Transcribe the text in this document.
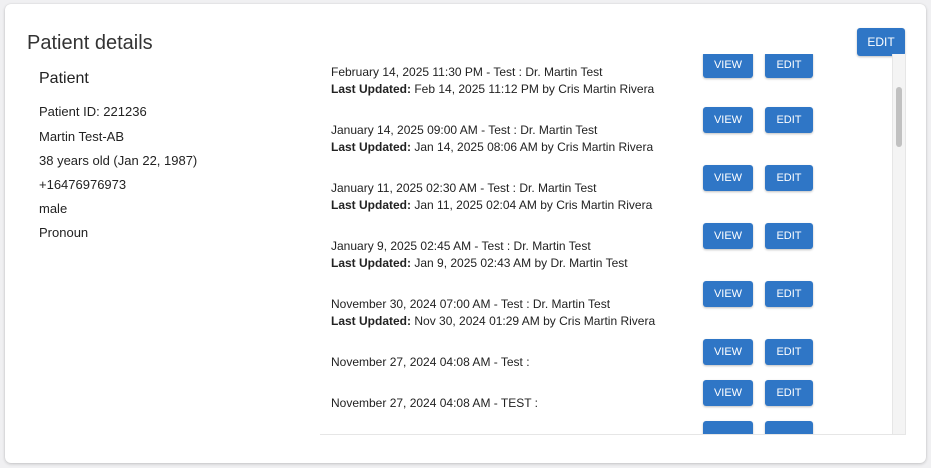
Patient details	EDIT
Patient
Patient ID: 221236
Martin Test-AB
38 years old (Jan 22, 1987)
+16476976973
male
Pronoun
February 14, 2025 11:30 PM - Test : Dr. Martin Test
Last Updated: Feb 14, 2025 11:12 PM by Cris Martin Rivera
VIEW	EDIT
January 14, 2025 09:00 AM - Test : Dr. Martin Test
Last Updated: Jan 14, 2025 08:06 AM by Cris Martin Rivera
VIEW	EDIT
January 11, 2025 02:30 AM - Test : Dr. Martin Test
Last Updated: Jan 11, 2025 02:04 AM by Cris Martin Rivera
VIEW	EDIT
January 9, 2025 02:45 AM - Test : Dr. Martin Test
Last Updated: Jan 9, 2025 02:43 AM by Dr. Martin Test
VIEW	EDIT
November 30, 2024 07:00 AM - Test : Dr. Martin Test
Last Updated: Nov 30, 2024 01:29 AM by Cris Martin Rivera
VIEW	EDIT
November 27, 2024 04:08 AM - Test :
VIEW	EDIT
November 27, 2024 04:08 AM - TEST :
VIEW	EDIT
